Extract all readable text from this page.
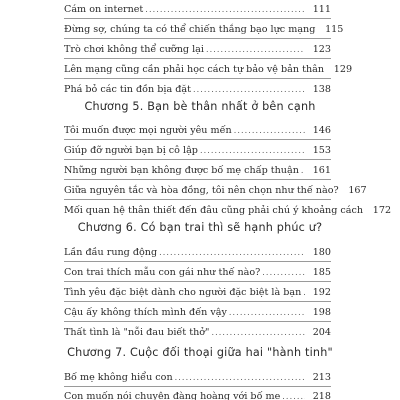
Cám on internet .....	111
Đừng sợ, chúng ta có thể chiến thắng bạo lực mạng	115
Trò chơi không thể cưỡng lại .....	123
Lên mạng cũng cần phải học cách tự bảo vệ bản thân	129
Phá bỏ các tin đồn bịa đặt .....	138
Chương 5. Bạn bè thân nhất ở bên cạnh
Tôi muốn được mọi người yêu mến .....	146
Giúp đỡ người bạn bị cô lập .....	153
Những người bạn không được bố mẹ chấp thuận .....	161
Giữa nguyên tắc và hòa đồng, tôi nên chọn như thế nào?	167
Mối quan hệ thân thiết đến đâu cũng phải chú ý khoảng cách	172
Chương 6. Có bạn trai thì sẽ hạnh phúc ư?
Lần đầu rung động .....	180
Con trai thích mẫu con gái như thế nào? .....	185
Tình yêu đặc biệt dành cho người đặc biệt là bạn .....	192
Cậu ấy không thích mình đến vậy .....	198
Thất tình là "nỗi đau biết thở" .....	204
Chương 7. Cuộc đối thoại giữa hai "hành tinh"
Bố mẹ không hiểu con .....	213
Con muốn nói chuyện đàng hoàng với bố mẹ .....	218
